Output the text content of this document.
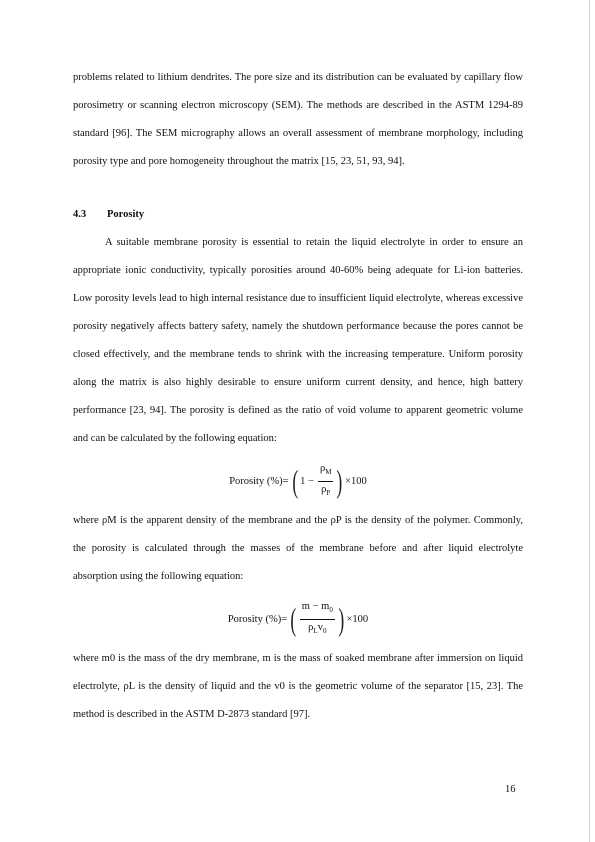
problems related to lithium dendrites. The pore size and its distribution can be evaluated by capillary flow porosimetry or scanning electron microscopy (SEM). The methods are described in the ASTM 1294-89 standard [96]. The SEM micrography allows an overall assessment of membrane morphology, including porosity type and pore homogeneity throughout the matrix [15, 23, 51, 93, 94].

4.3 Porosity

A suitable membrane porosity is essential to retain the liquid electrolyte in order to ensure an appropriate ionic conductivity, typically porosities around 40-60% being adequate for Li-ion batteries. Low porosity levels lead to high internal resistance due to insufficient liquid electrolyte, whereas excessive porosity negatively affects battery safety, namely the shutdown performance because the pores cannot be closed effectively, and the membrane tends to shrink with the increasing temperature. Uniform porosity along the matrix is also highly desirable to ensure uniform current density, and hence, high battery performance [23, 94]. The porosity is defined as the ratio of void volume to apparent geometric volume and can be calculated by the following equation:

Porosity (%)= ( $1 - \frac{\rho_M}{\rho_P}$ ) ×100

where ρM is the apparent density of the membrane and the ρP is the density of the polymer. Commonly, the porosity is calculated through the masses of the membrane before and after liquid electrolyte absorption using the following equation:

Porosity (%)= ( $\frac{m - m_0}{\rho_Lv_0}$ ) ×100

where m0 is the mass of the dry membrane, m is the mass of soaked membrane after immersion on liquid electrolyte, ρL is the density of liquid and the v0 is the geometric volume of the separator [15, 23]. The method is described in the ASTM D-2873 standard [97].

16
